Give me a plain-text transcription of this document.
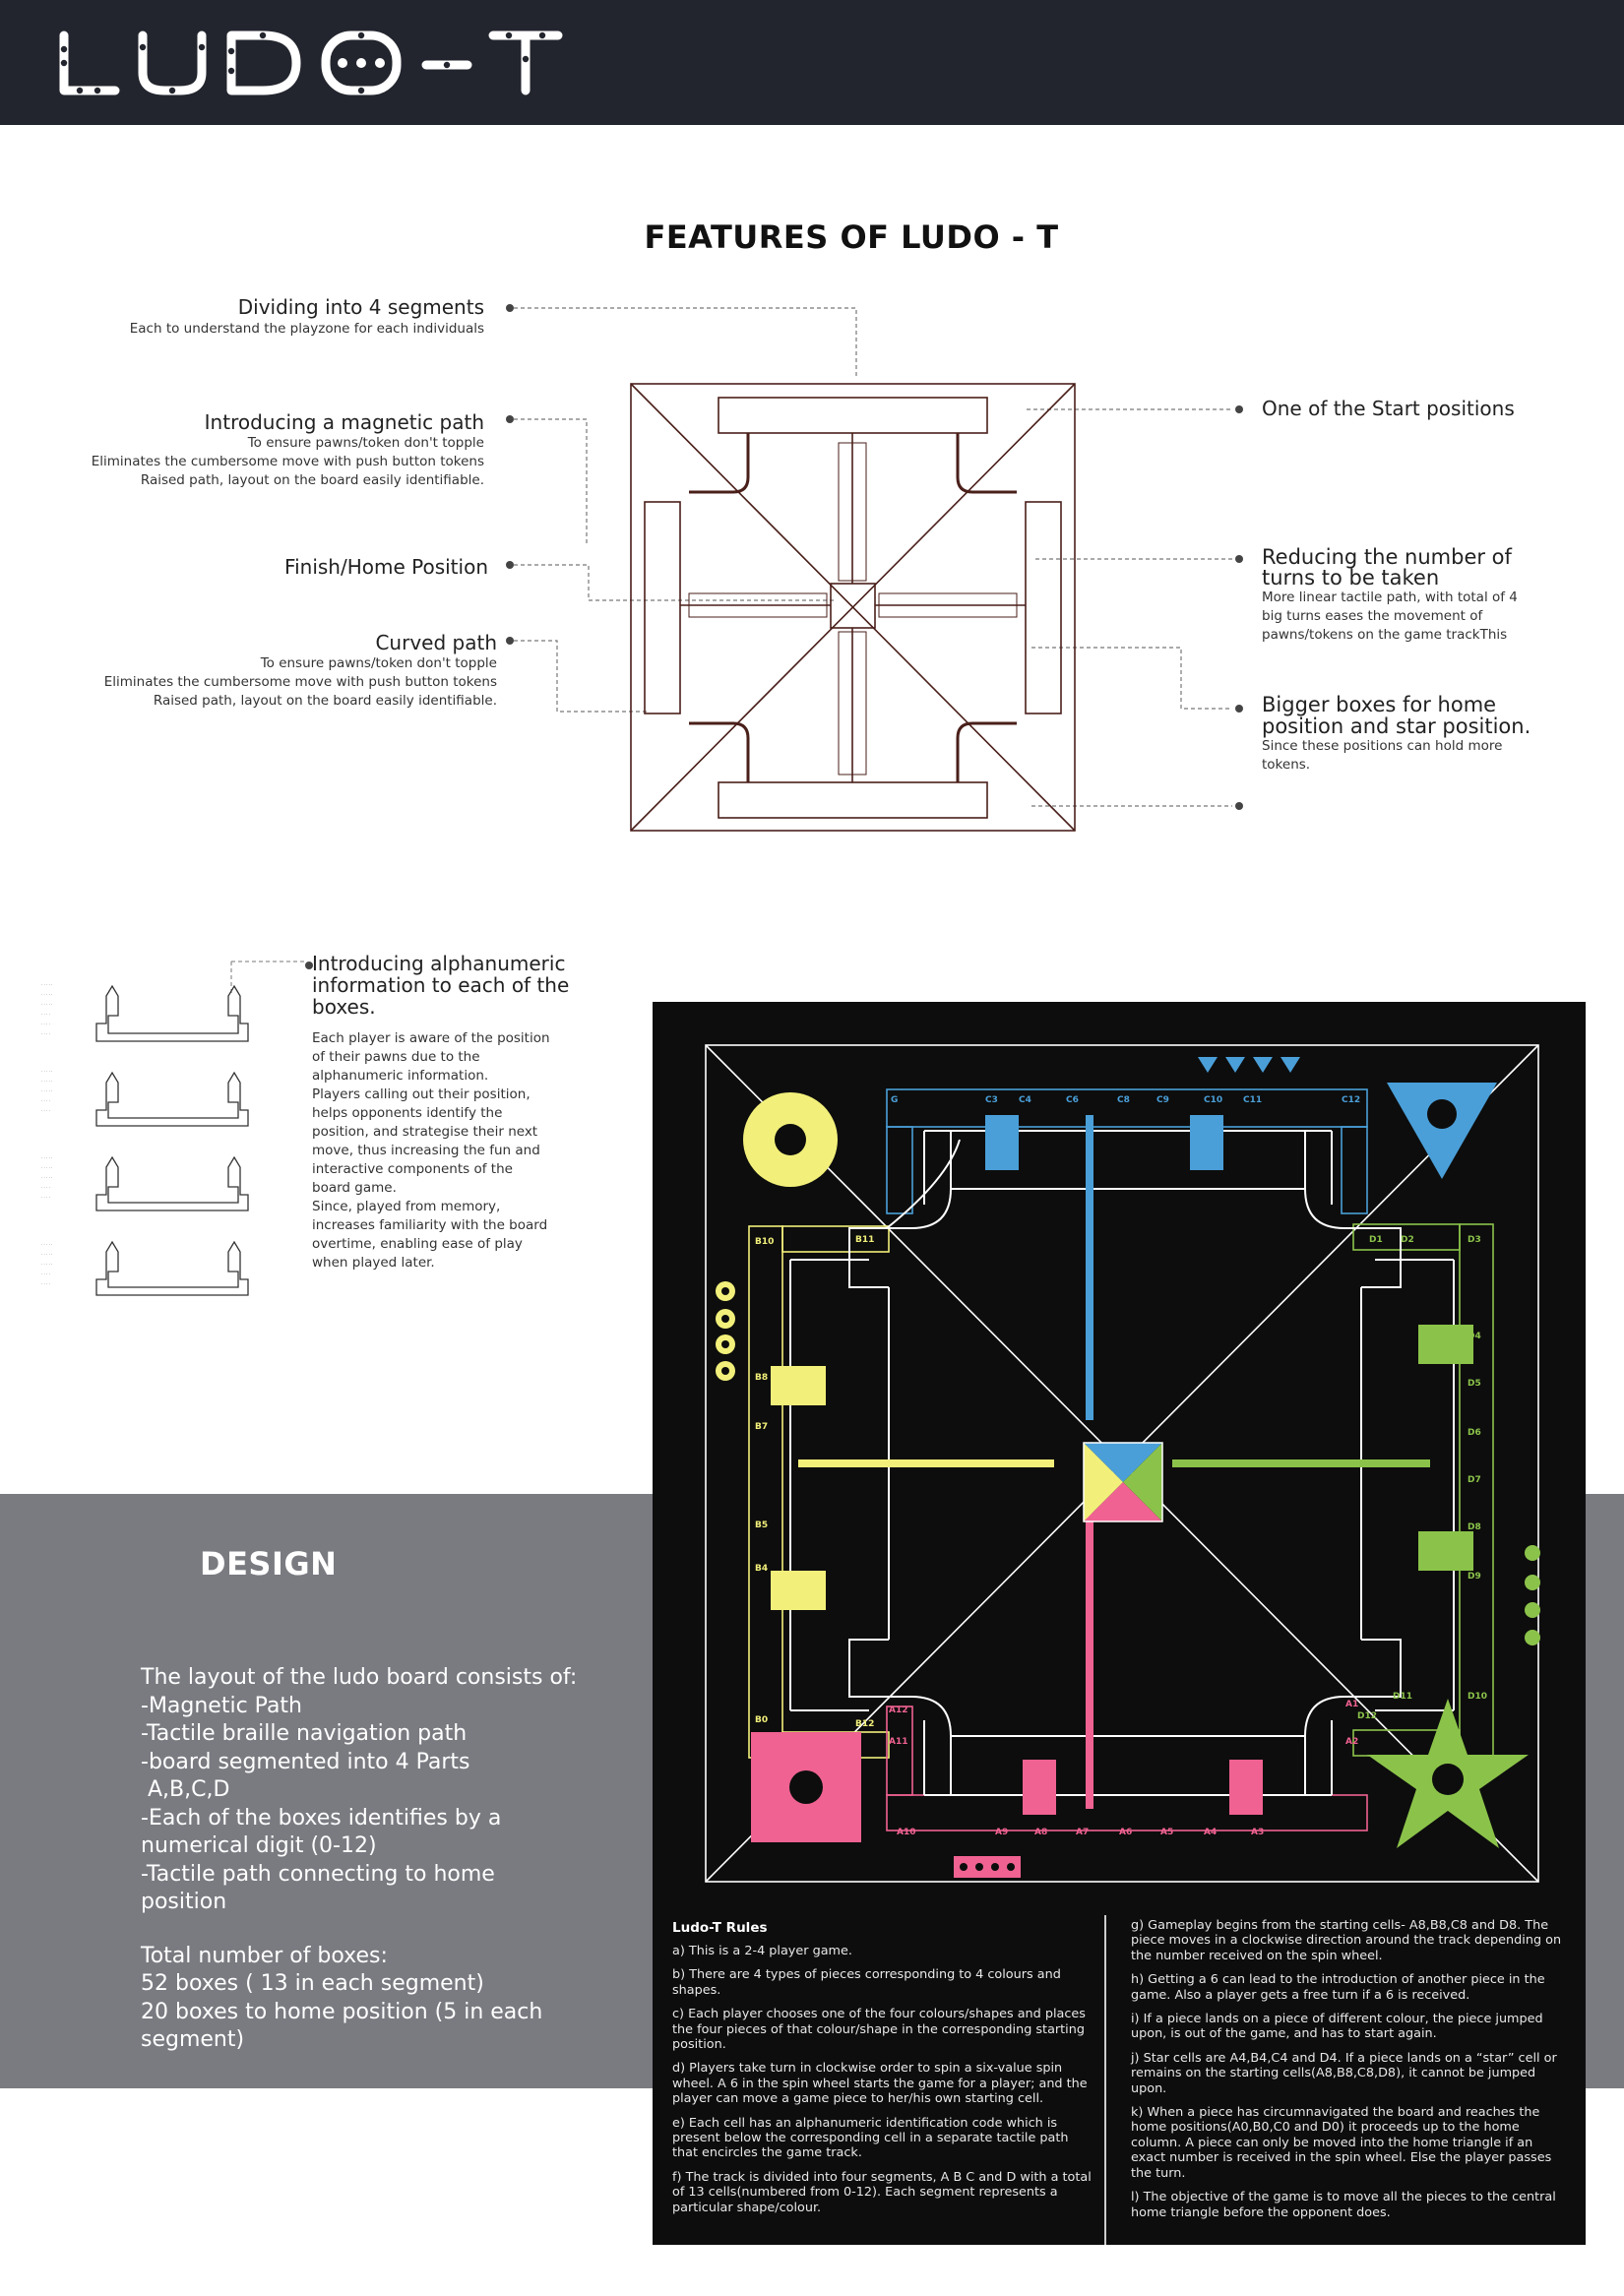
FEATURES OF LUDO - T
Dividing into 4 segments
Each to understand the playzone for each individuals
Introducing a magnetic path
To ensure pawns/token don't topple
Eliminates the cumbersome move with push button tokens
Raised path, layout on the board easily identifiable.
Finish/Home Position
Curved path
To ensure pawns/token don't topple
Eliminates the cumbersome move with push button tokens
Raised path, layout on the board easily identifiable.
One of the Start positions
Reducing the number of
turns to be taken
More linear tactile path, with total of 4
big turns eases the movement of
pawns/tokens on the game trackThis
Bigger boxes for home
position and star position.
Since these positions can hold more
tokens.
· · · · ·
· · · · ·
· · · · ·
· · · ·
· · · ·
· · · ·
· · · · ·
· · · · ·
· · · · ·
· · · ·
· · · ·
· · · · ·
· · · · ·
· · · · ·
· · · ·
· · · ·
· · · · ·
· · · · ·
· · · · ·
· · · ·
· · · ·
Introducing alphanumeric
information to each of the
boxes.
Each player is aware of the position
of their pawns due to the
alphanumeric information.
Players calling out their position,
helps opponents identify the
position, and strategise their next
move, thus increasing the fun and
interactive components of the
board game.
Since, played from memory,
increases familiarity with the board
overtime, enabling ease of play
when played later.
DESIGN
The layout of the ludo board consists of:
-Magnetic Path
-Tactile braille navigation path
-board segmented into 4 Parts
A,B,C,D
-Each of the boxes identifies by a
numerical digit (0-12)
-Tactile path connecting to home
position
Total number of boxes:
52 boxes ( 13 in each segment)
20 boxes to home position (5 in each
segment)
G	C3 C4	C6	C8	C9	C10 C11	C12
B10
B8
B7
B5
B4
B0
B11
B12
D1 D2	D3
D4
D5
D6
D7
D8
D9
D10
D11
D12
A10	A9	A8	A7	A6	A5	A4	A3
A2
A1
A11
A12
Ludo-T Rules
a) This is a 2-4 player game.
b) There are 4 types of pieces corresponding to 4 colours and shapes.
c) Each player chooses one of the four colours/shapes and places the four pieces of that colour/shape in the corresponding starting position.
d) Players take turn in clockwise order to spin a six-value spin wheel. A 6 in the spin wheel starts the game for a player; and the player can move a game piece to her/his own starting cell.
e) Each cell has an alphanumeric identification code which is present below the corresponding cell in a separate tactile path that encircles the game track.
f) The track is divided into four segments, A B C and D with a total of 13 cells(numbered from 0-12). Each segment represents a particular shape/colour.
g) Gameplay begins from the starting cells- A8,B8,C8 and D8. The piece moves in a clockwise direction around the track depending on the number received on the spin wheel.
h) Getting a 6 can lead to the introduction of another piece in the game. Also a player gets a free turn if a 6 is received.
i) If a piece lands on a piece of different colour, the piece jumped upon, is out of the game, and has to start again.
j) Star cells are A4,B4,C4 and D4. If a piece lands on a “star” cell or remains on the starting cells(A8,B8,C8,D8), it cannot be jumped upon.
k) When a piece has circumnavigated the board and reaches the home positions(A0,B0,C0 and D0) it proceeds up to the home column. A piece can only be moved into the home triangle if an exact number is received in the spin wheel. Else the player passes the turn.
l) The objective of the game is to move all the pieces to the central home triangle before the opponent does.
